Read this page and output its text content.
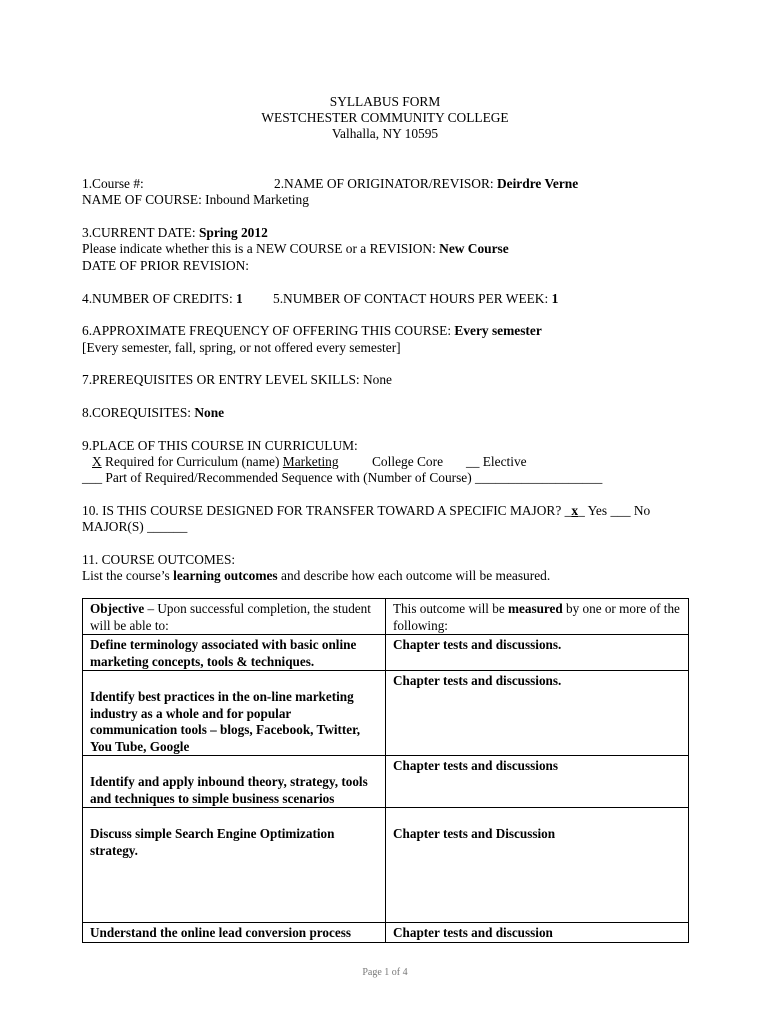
SYLLABUS FORM
WESTCHESTER COMMUNITY COLLEGE
Valhalla, NY 10595
1.Course #:	2.NAME OF ORIGINATOR/REVISOR: Deirdre Verne
NAME OF COURSE: Inbound Marketing
3.CURRENT DATE: Spring 2012
Please indicate whether this is a NEW COURSE or a REVISION: New Course
DATE OF PRIOR REVISION:
4.NUMBER OF CREDITS: 1 5.NUMBER OF CONTACT HOURS PER WEEK: 1
6.APPROXIMATE FREQUENCY OF OFFERING THIS COURSE: Every semester
[Every semester, fall, spring, or not offered every semester]
7.PREREQUISITES OR ENTRY LEVEL SKILLS: None
8.COREQUISITES: None
9.PLACE OF THIS COURSE IN CURRICULUM:
X Required for Curriculum (name) Marketing College Core __ Elective
___ Part of Required/Recommended Sequence with (Number of Course) ___________________
10. IS THIS COURSE DESIGNED FOR TRANSFER TOWARD A SPECIFIC MAJOR? _x_ Yes ___ No
MAJOR(S) ______
11. COURSE OUTCOMES:
List the course’s learning outcomes and describe how each outcome will be measured.
Objective – Upon successful completion, the student will be able to:	This outcome will be measured by one or more of the following:
Define terminology associated with basic online marketing concepts, tools & techniques.	Chapter tests and discussions.
Identify best practices in the on-line marketing industry as a whole and for popular communication tools – blogs, Facebook, Twitter, You Tube, Google	Chapter tests and discussions.
Identify and apply inbound theory, strategy, tools and techniques to simple business scenarios	Chapter tests and discussions
Discuss simple Search Engine Optimization strategy.	Chapter tests and Discussion
Understand the online lead conversion process	Chapter tests and discussion
Page 1 of 4
